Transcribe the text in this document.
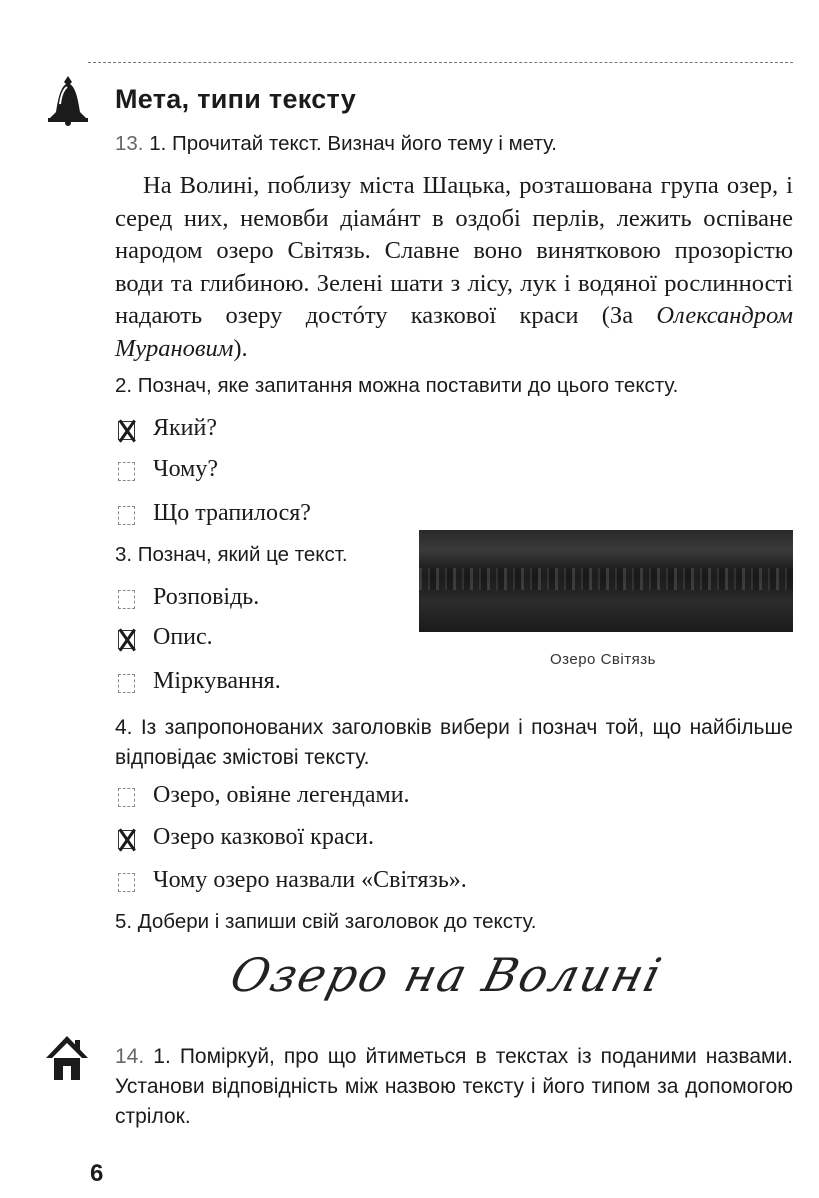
Мета, типи тексту
13. 1. Прочитай текст. Визнач його тему і мету.
На Волині, поблизу міста Шацька, розташована група озер, і серед них, немовби діамáнт в оздобі перлів, лежить оспіване народом озеро Світязь. Славне воно винятковою прозорістю води та глибиною. Зелені шати з лісу, лук і водяної рослинності надають озеру достóту казкової краси (За Олександром Мурановим).
2. Познач, яке запитання можна поставити до цього тексту.
Який?
Чому?
Що трапилося?
3. Познач, який це текст.
Розповідь.
Опис.
Міркування.
Озеро Світязь
4. Із запропонованих заголовків вибери і познач той, що найбільше відповідає змістові тексту.
Озеро, овіяне легендами.
Озеро казкової краси.
Чому озеро назвали «Світязь».
5. Добери і запиши свій заголовок до тексту.
Озеро на Волині
14. 1. Поміркуй, про що йтиметься в текстах із поданими назвами. Установи відповідність між назвою тексту і його типом за допомогою стрілок.
6
